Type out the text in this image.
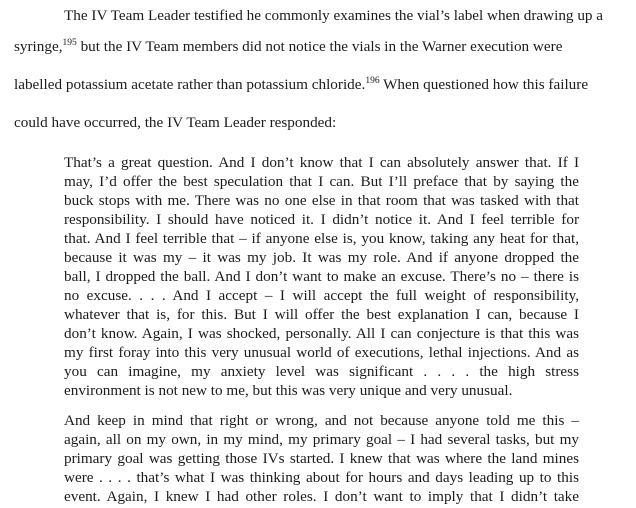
The IV Team Leader testified he commonly examines the vial’s label when drawing up a
syringe,$^{195}$ but the IV Team members did not notice the vials in the Warner execution were
labelled potassium acetate rather than potassium chloride.$^{196}$ When questioned how this failure
could have occurred, the IV Team Leader responded:
That’s a great question. And I don’t know that I can absolutely answer that. If I
may, I’d offer the best speculation that I can. But I’ll preface that by saying the
buck stops with me. There was no one else in that room that was tasked with that
responsibility. I should have noticed it. I didn’t notice it. And I feel terrible for
that. And I feel terrible that – if anyone else is, you know, taking any heat for that,
because it was my – it was my job. It was my role. And if anyone dropped the
ball, I dropped the ball. And I don’t want to make an excuse. There’s no – there is
no excuse. . . . And I accept – I will accept the full weight of responsibility,
whatever that is, for this. But I will offer the best explanation I can, because I
don’t know. Again, I was shocked, personally. All I can conjecture is that this was
my first foray into this very unusual world of executions, lethal injections. And as
you can imagine, my anxiety level was significant . . . . the high stress
environment is not new to me, but this was very unique and very unusual.
And keep in mind that right or wrong, and not because anyone told me this –
again, all on my own, in my mind, my primary goal – I had several tasks, but my
primary goal was getting those IVs started. I knew that was where the land mines
were . . . . that’s what I was thinking about for hours and days leading up to this
event. Again, I knew I had other roles. I don’t want to imply that I didn’t take
